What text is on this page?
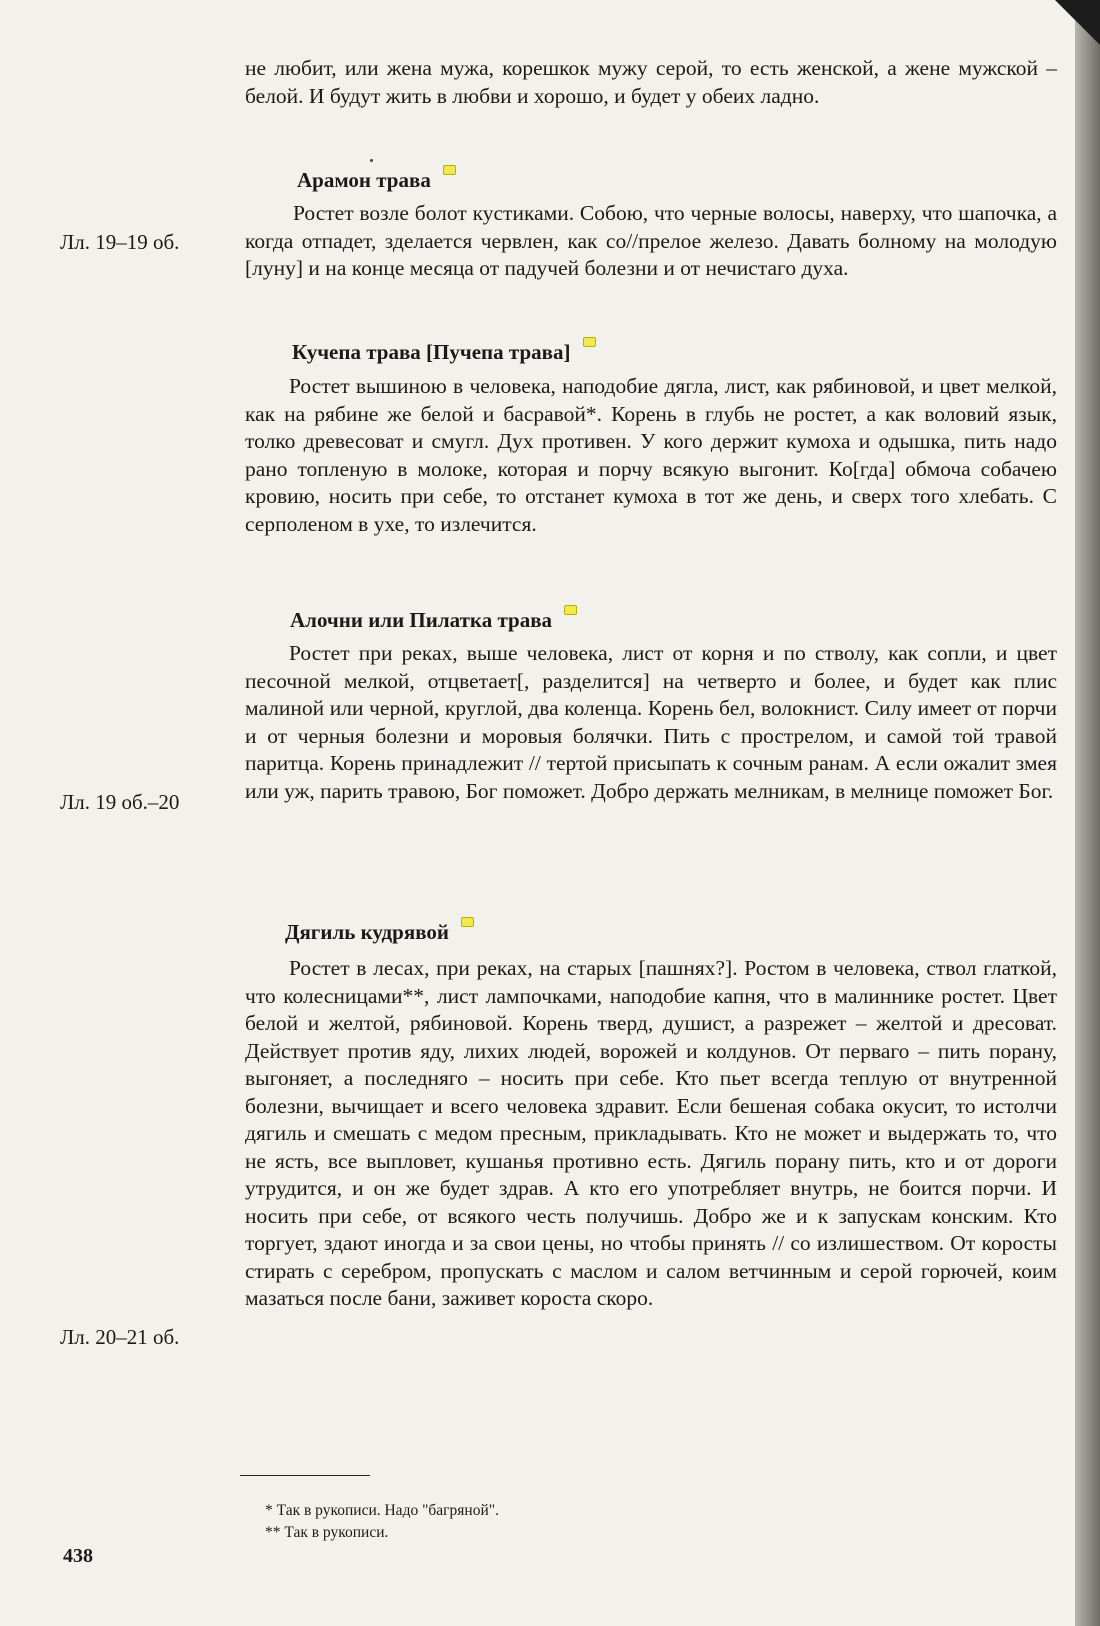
не любит, или жена мужа, корешкок мужу серой, то есть женской, а жене мужской – белой. И будут жить в любви и хорошо, и будет у обеих ладно.
Арамон трава
Ростет возле болот кустиками. Собою, что черные волосы, наверху, что шапочка, а когда отпадет, зделается червлен, как со//прелое железо. Давать болному на молодую [луну] и на конце месяца от падучей болезни и от нечистаго духа.
Лл. 19–19 об.
Кучепа трава [Пучепа трава]
Ростет вышиною в человека, наподобие дягла, лист, как рябиновой, и цвет мелкой, как на рябине же белой и басравой*. Корень в глубь не ростет, а как воловий язык, толко древесоват и смугл. Дух противен. У кого держит кумоха и одышка, пить надо рано топленую в молоке, которая и порчу всякую выгонит. Ко[гда] обмоча собачею кровию, носить при себе, то отстанет кумоха в тот же день, и сверх того хлебать. С серполеном в ухе, то излечится.
Алочни или Пилатка трава
Ростет при реках, выше человека, лист от корня и по стволу, как сопли, и цвет песочной мелкой, отцветает[, разделится] на четверто и более, и будет как плис малиной или черной, круглой, два коленца. Корень бел, волокнист. Силу имеет от порчи и от черныя болезни и моровыя болячки. Пить с прострелом, и самой той травой паритца. Корень принадлежит // тертой присыпать к сочным ранам. А если ожалит змея или уж, парить травою, Бог поможет. Добро держать мелникам, в мелнице поможет Бог.
Лл. 19 об.–20
Дягиль кудрявой
Ростет в лесах, при реках, на старых [пашнях?]. Ростом в человека, ствол глаткой, что колесницами**, лист лампочками, наподобие капня, что в малиннике ростет. Цвет белой и желтой, рябиновой. Корень тверд, душист, а разрежет – желтой и дресоват. Действует против яду, лихих людей, ворожей и колдунов. От перваго – пить порану, выгоняет, а последняго – носить при себе. Кто пьет всегда теплую от внутренной болезни, вычищает и всего человека здравит. Если бешеная собака окусит, то истолчи дягиль и смешать с медом пресным, прикладывать. Кто не может и выдержать то, что не ясть, все выпловет, кушанья противно есть. Дягиль порану пить, кто и от дороги утрудится, и он же будет здрав. А кто его употребляет внутрь, не боится порчи. И носить при себе, от всякого честь получишь. Добро же и к запускам конским. Кто торгует, здают иногда и за свои цены, но чтобы принять // со излишеством. От коросты стирать с серебром, пропускать с маслом и салом ветчинным и серой горючей, коим мазаться после бани, заживет короста скоро.
Лл. 20–21 об.
* Так в рукописи. Надо "багряной".
** Так в рукописи.
438
